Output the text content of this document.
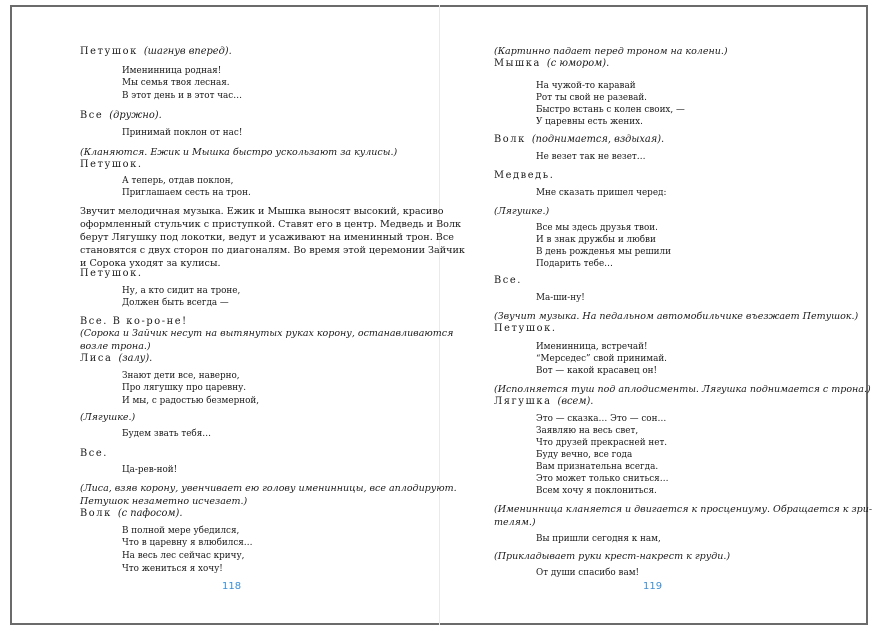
Петушок (шагнув вперед).
Именинница родная!
Мы семья твоя лесная.
В этот день и в этот час…
Все (дружно).
Принимай поклон от нас!
(Кланяются. Ежик и Мышка быстро ускользают за кулисы.)
Петушок.
А теперь, отдав поклон,
Приглашаем сесть на трон.
Звучит мелодичная музыка. Ежик и Мышка выносят высокий, красиво
оформленный стульчик с приступкой. Ставят его в центр. Медведь и Волк
берут Лягушку под локотки, ведут и усаживают на именинный трон. Все
становятся с двух сторон по диагоналям. Во время этой церемонии Зайчик
и Сорока уходят за кулисы.
Петушок.
Ну, а кто сидит на троне,
Должен быть всегда —
Все. В ко-ро-не!
(Сорока и Зайчик несут на вытянутых руках корону, останавливаются
возле трона.)
Лиса (залу).
Знают дети все, наверно,
Про лягушку про царевну.
И мы, с радостью безмерной,
(Лягушке.)
Будем звать тебя…
Все.
Ца-рев-ной!
(Лиса, взяв корону, увенчивает ею голову именинницы, все аплодируют.
Петушок незаметно исчезает.)
Волк (с пафосом).
В полной мере убедился,
Что в царевну я влюбился…
На весь лес сейчас кричу,
Что жениться я хочу!
(Картинно падает перед троном на колени.)
Мышка (с юмором).
На чужой-то каравай
Рот ты свой не разевай.
Быстро встань с колен своих, —
У царевны есть жених.
Волк (поднимается, вздыхая).
Не везет так не везет…
Медведь.
Мне сказать пришел черед:
(Лягушке.)
Все мы здесь друзья твои.
И в знак дружбы и любви
В день рожденья мы решили
Подарить тебе…
Все.
Ма-ши-ну!
(Звучит музыка. На педальном автомобильчике въезжает Петушок.)
Петушок.
Именинница, встречай!
“Мерседес” свой принимай.
Вот — какой красавец он!
(Исполняется туш под аплодисменты. Лягушка поднимается с трона.)
Лягушка (всем).
Это — сказка… Это — сон…
Заявляю на весь свет,
Что друзей прекрасней нет.
Буду вечно, все года
Вам признательна всегда.
Это может только сниться…
Всем хочу я поклониться.
(Именинница кланяется и двигается к просцениуму. Обращается к зри-
телям.)
Вы пришли сегодня к нам,
(Прикладывает руки крест-накрест к груди.)
От души спасибо вам!
118	119
